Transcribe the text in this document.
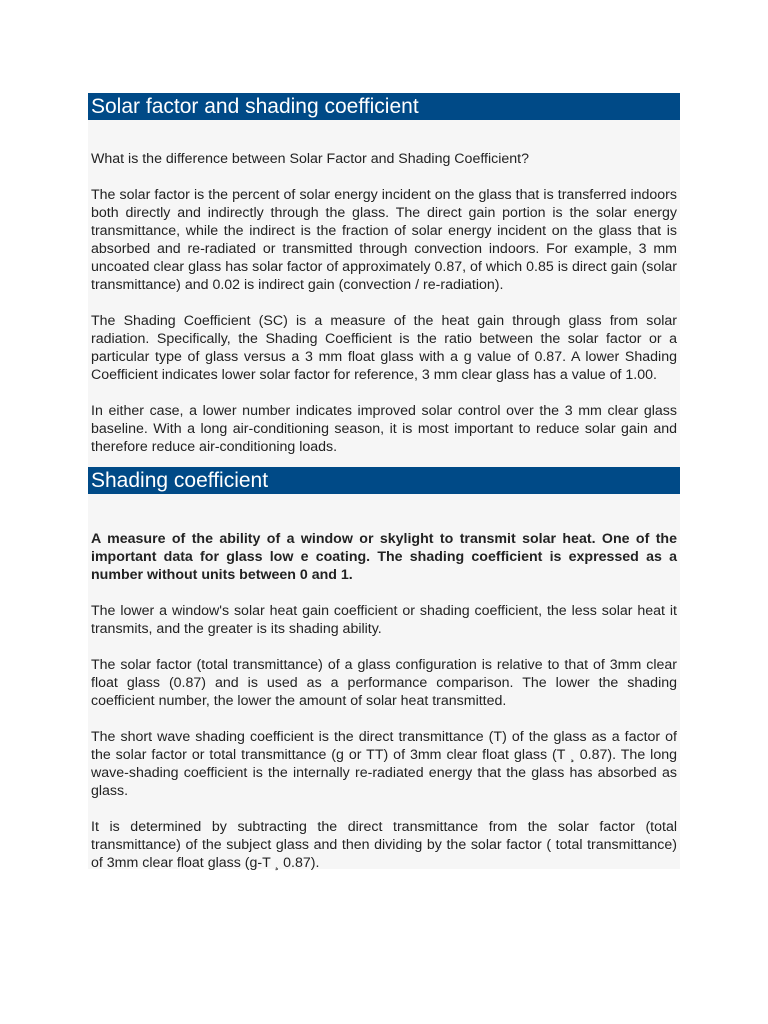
Solar factor and shading coefficient

What is the difference between Solar Factor and Shading Coefficient?

The solar factor is the percent of solar energy incident on the glass that is transferred indoors both directly and indirectly through the glass. The direct gain portion is the solar energy transmittance, while the indirect is the fraction of solar energy incident on the glass that is absorbed and re-radiated or transmitted through convection indoors. For example, 3 mm uncoated clear glass has solar factor of approximately 0.87, of which 0.85 is direct gain (solar transmittance) and 0.02 is indirect gain (convection / re-radiation).

The Shading Coefficient (SC) is a measure of the heat gain through glass from solar radiation. Specifically, the Shading Coefficient is the ratio between the solar factor or a particular type of glass versus a 3 mm float glass with a g value of 0.87. A lower Shading Coefficient indicates lower solar factor for reference, 3 mm clear glass has a value of 1.00.

In either case, a lower number indicates improved solar control over the 3 mm clear glass baseline. With a long air-conditioning season, it is most important to reduce solar gain and therefore reduce air-conditioning loads.

Shading coefficient

A measure of the ability of a window or skylight to transmit solar heat. One of the important data for glass low e coating. The shading coefficient is expressed as a number without units between 0 and 1.

The lower a window's solar heat gain coefficient or shading coefficient, the less solar heat it transmits, and the greater is its shading ability.

The solar factor (total transmittance) of a glass configuration is relative to that of 3mm clear float glass (0.87) and is used as a performance comparison. The lower the shading coefficient number, the lower the amount of solar heat transmitted.

The short wave shading coefficient is the direct transmittance (T) of the glass as a factor of the solar factor or total transmittance (g or TT) of 3mm clear float glass (T ¸ 0.87). The long wave-shading coefficient is the internally re-radiated energy that the glass has absorbed as glass.

It is determined by subtracting the direct transmittance from the solar factor (total transmittance) of the subject glass and then dividing by the solar factor ( total transmittance) of 3mm clear float glass (g-T ¸ 0.87).
